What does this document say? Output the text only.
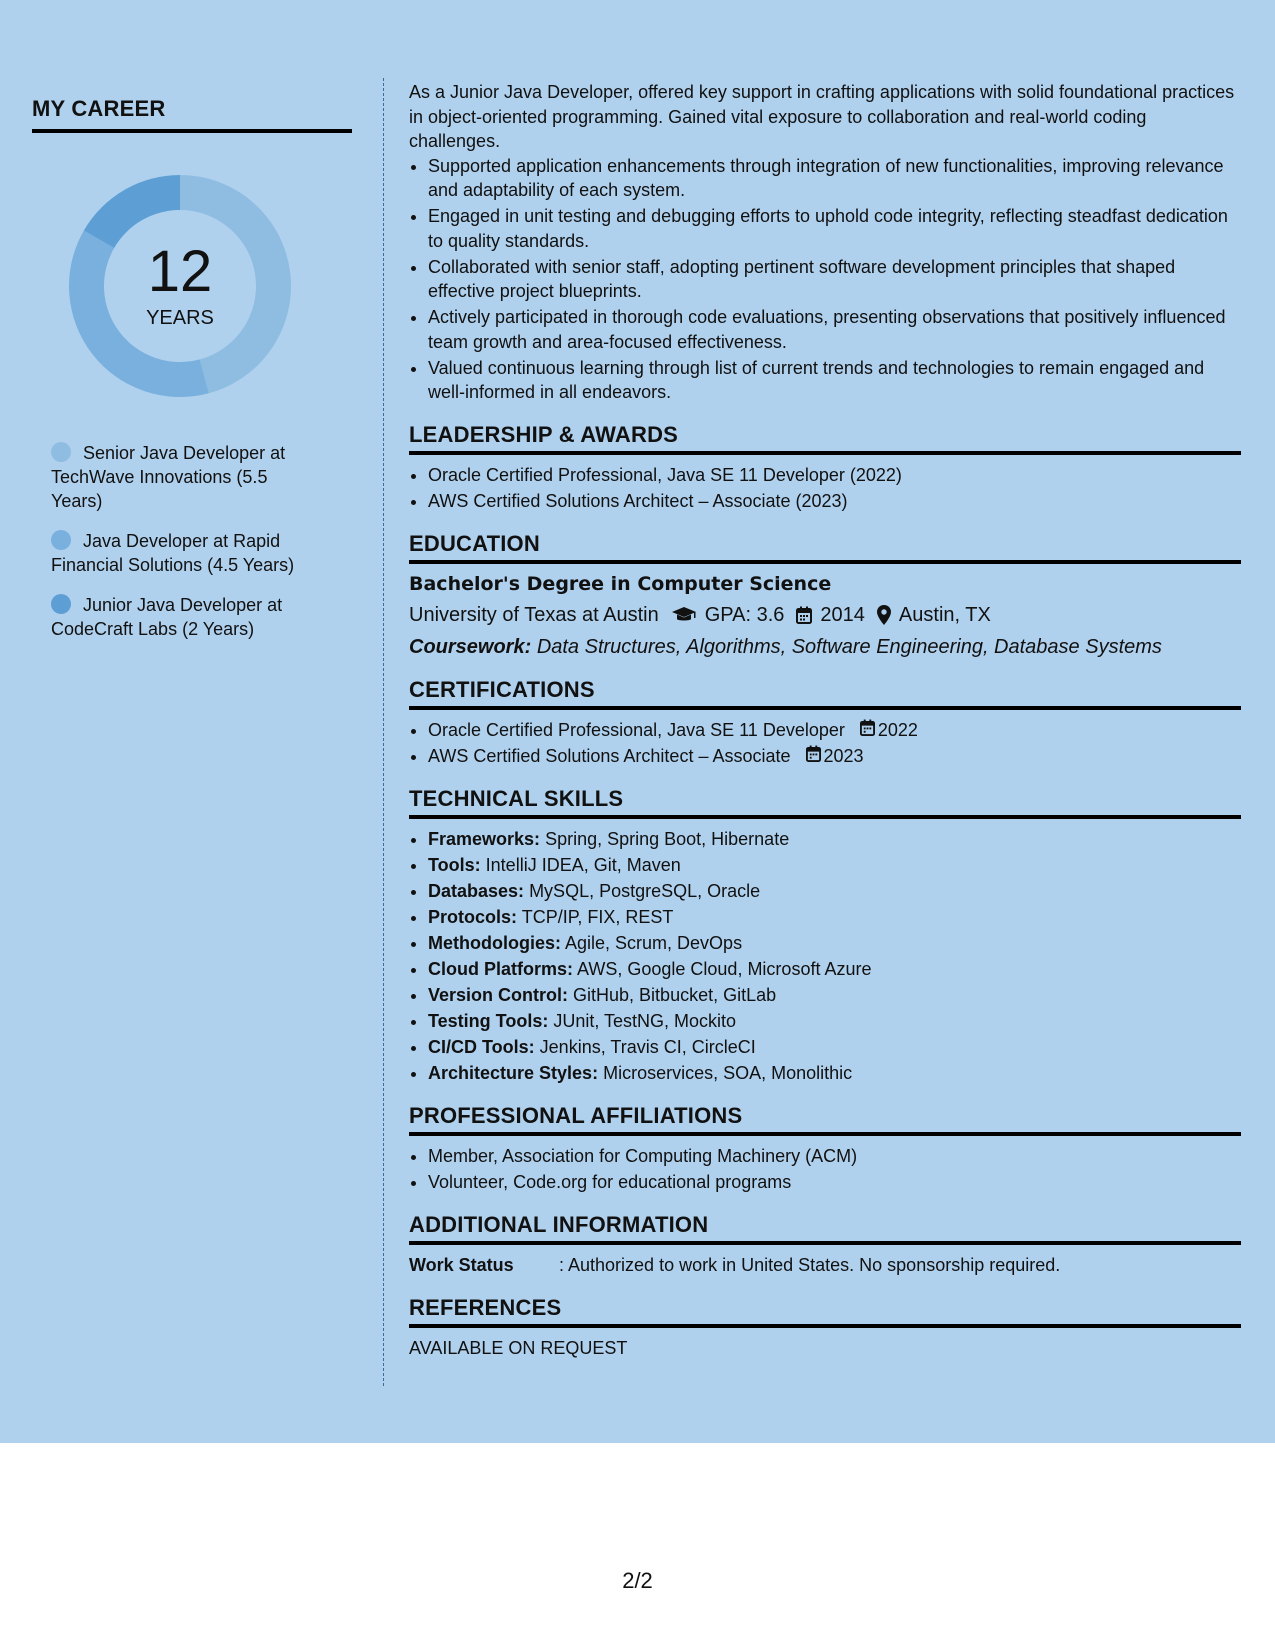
MY CAREER
12
YEARS
Senior Java Developer at TechWave Innovations (5.5 Years)
Java Developer at Rapid Financial Solutions (4.5 Years)
Junior Java Developer at CodeCraft Labs (2 Years)

As a Junior Java Developer, offered key support in crafting applications with solid foundational practices in object-oriented programming. Gained vital exposure to collaboration and real-world coding challenges.

• Supported application enhancements through integration of new functionalities, improving relevance and adaptability of each system.
• Engaged in unit testing and debugging efforts to uphold code integrity, reflecting steadfast dedication to quality standards.
• Collaborated with senior staff, adopting pertinent software development principles that shaped effective project blueprints.
• Actively participated in thorough code evaluations, presenting observations that positively influenced team growth and area-focused effectiveness.
• Valued continuous learning through list of current trends and technologies to remain engaged and well-informed in all endeavors.
LEADERSHIP & AWARDS
• Oracle Certified Professional, Java SE 11 Developer (2022)
• AWS Certified Solutions Architect – Associate (2023)
EDUCATION
Bachelor's Degree in Computer Science
University of Texas at Austin GPA: 3.6 2014 Austin, TX
Coursework: Data Structures, Algorithms, Software Engineering, Database Systems
CERTIFICATIONS
• Oracle Certified Professional, Java SE 11 Developer 2022
• AWS Certified Solutions Architect – Associate 2023
TECHNICAL SKILLS
• Frameworks: Spring, Spring Boot, Hibernate
• Tools: IntelliJ IDEA, Git, Maven
• Databases: MySQL, PostgreSQL, Oracle
• Protocols: TCP/IP, FIX, REST
• Methodologies: Agile, Scrum, DevOps
• Cloud Platforms: AWS, Google Cloud, Microsoft Azure
• Version Control: GitHub, Bitbucket, GitLab
• Testing Tools: JUnit, TestNG, Mockito
• CI/CD Tools: Jenkins, Travis CI, CircleCI
• Architecture Styles: Microservices, SOA, Monolithic
PROFESSIONAL AFFILIATIONS
• Member, Association for Computing Machinery (ACM)
• Volunteer, Code.org for educational programs
ADDITIONAL INFORMATION
Work Status	: Authorized to work in United States. No sponsorship required.
REFERENCES
AVAILABLE ON REQUEST
2/2
